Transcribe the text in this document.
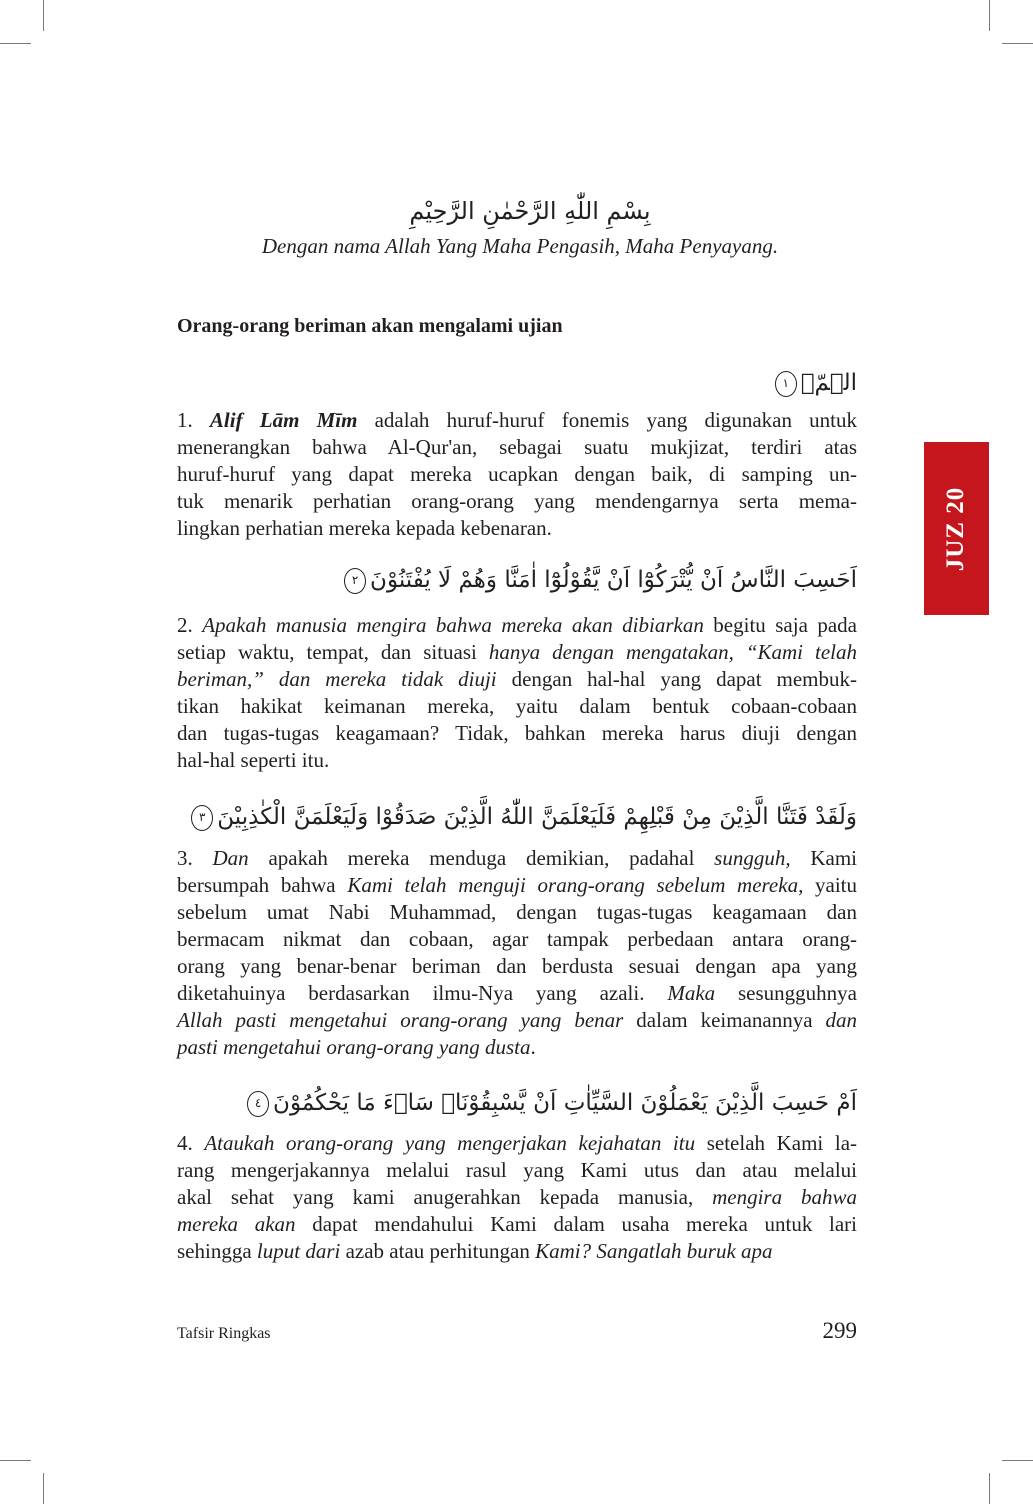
بِسْمِ اللّٰهِ الرَّحْمٰنِ الرَّحِيْمِ
Dengan nama Allah Yang Maha Pengasih, Maha Penyayang.
Orang-orang beriman akan mengalami ujian
الۤمّۤ١
1. Alif Lām Mīm adalah huruf-huruf fonemis yang digunakan untuk
menerangkan bahwa Al-Qur'an, sebagai suatu mukjizat, terdiri atas
huruf-huruf yang dapat mereka ucapkan dengan baik, di samping un-
tuk menarik perhatian orang-orang yang mendengarnya serta mema-
lingkan perhatian mereka kepada kebenaran.
اَحَسِبَ النَّاسُ اَنْ يُّتْرَكُوْٓا اَنْ يَّقُوْلُوْٓا اٰمَنَّا وَهُمْ لَا يُفْتَنُوْنَ٢
2. Apakah manusia mengira bahwa mereka akan dibiarkan begitu saja pada
setiap waktu, tempat, dan situasi hanya dengan mengatakan, “Kami telah
beriman,” dan mereka tidak diuji dengan hal-hal yang dapat membuk-
tikan hakikat keimanan mereka, yaitu dalam bentuk cobaan-cobaan
dan tugas-tugas keagamaan? Tidak, bahkan mereka harus diuji dengan
hal-hal seperti itu.
وَلَقَدْ فَتَنَّا الَّذِيْنَ مِنْ قَبْلِهِمْ فَلَيَعْلَمَنَّ اللّٰهُ الَّذِيْنَ صَدَقُوْا وَلَيَعْلَمَنَّ الْكٰذِبِيْنَ٣
3. Dan apakah mereka menduga demikian, padahal sungguh, Kami
bersumpah bahwa Kami telah menguji orang-orang sebelum mereka, yaitu
sebelum umat Nabi Muhammad, dengan tugas-tugas keagamaan dan
bermacam nikmat dan cobaan, agar tampak perbedaan antara orang-
orang yang benar-benar beriman dan berdusta sesuai dengan apa yang
diketahuinya berdasarkan ilmu-Nya yang azali. Maka sesungguhnya
Allah pasti mengetahui orang-orang yang benar dalam keimanannya dan
pasti mengetahui orang-orang yang dusta.
اَمْ حَسِبَ الَّذِيْنَ يَعْمَلُوْنَ السَّيِّاٰتِ اَنْ يَّسْبِقُوْنَاۗ سَاۤءَ مَا يَحْكُمُوْنَ٤
4. Ataukah orang-orang yang mengerjakan kejahatan itu setelah Kami la-
rang mengerjakannya melalui rasul yang Kami utus dan atau melalui
akal sehat yang kami anugerahkan kepada manusia, mengira bahwa
mereka akan dapat mendahului Kami dalam usaha mereka untuk lari
sehingga luput dari azab atau perhitungan Kami? Sangatlah buruk apa
JUZ 20
Tafsir Ringkas	299
